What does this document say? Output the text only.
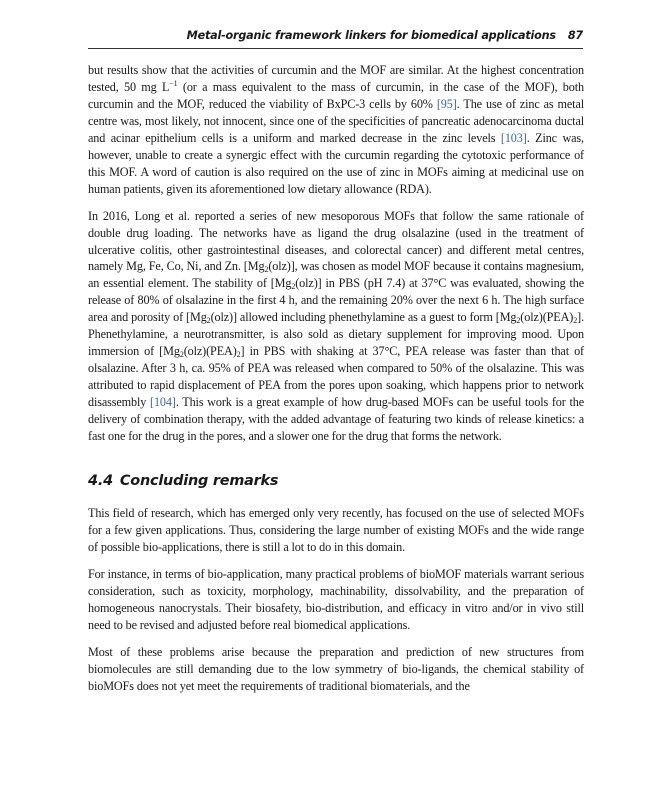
Metal-organic framework linkers for biomedical applications 87

but results show that the activities of curcumin and the MOF are similar. At the highest concentration tested, 50 mg $L^{-1}$ (or a mass equivalent to the mass of curcumin, in the case of the MOF), both curcumin and the MOF, reduced the viability of BxPC-3 cells by 60% [95]. The use of zinc as metal centre was, most likely, not innocent, since one of the specificities of pancreatic adenocarcinoma ductal and acinar epithelium cells is a uniform and marked decrease in the zinc levels [103]. Zinc was, however, unable to create a synergic effect with the curcumin regarding the cytotoxic performance of this MOF. A word of caution is also required on the use of zinc in MOFs aiming at medicinal use on human patients, given its aforementioned low dietary allowance (RDA).

In 2016, Long et al. reported a series of new mesoporous MOFs that follow the same rationale of double drug loading. The networks have as ligand the drug olsalazine (used in the treatment of ulcerative colitis, other gastrointestinal diseases, and colorectal cancer) and different metal centres, namely Mg, Fe, Co, Ni, and Zn. $[Mg_2(olz)]$, was chosen as model MOF because it contains magnesium, an essential element. The stability of $[Mg_2(olz)]$ in PBS (pH 7.4) at 37°C was evaluated, showing the release of 80% of olsalazine in the first 4 h, and the remaining 20% over the next 6 h. The high surface area and porosity of $[Mg_2(olz)]$ allowed including phenethylamine as a guest to form $[Mg_2(olz)(PEA)_2]$. Phenethylamine, a neurotransmitter, is also sold as dietary supplement for improving mood. Upon immersion of $[Mg_2(olz)(PEA)_2]$ in PBS with shaking at 37°C, PEA release was faster than that of olsalazine. After 3 h, ca. 95% of PEA was released when compared to 50% of the olsalazine. This was attributed to rapid displacement of PEA from the pores upon soaking, which happens prior to network disassembly [104]. This work is a great example of how drug-based MOFs can be useful tools for the delivery of combination therapy, with the added advantage of featuring two kinds of release kinetics: a fast one for the drug in the pores, and a slower one for the drug that forms the network.

4.4 Concluding remarks

This field of research, which has emerged only very recently, has focused on the use of selected MOFs for a few given applications. Thus, considering the large number of existing MOFs and the wide range of possible bio-applications, there is still a lot to do in this domain.

For instance, in terms of bio-application, many practical problems of bioMOF materials warrant serious consideration, such as toxicity, morphology, machinability, dissolvability, and the preparation of homogeneous nanocrystals. Their biosafety, bio-distribution, and efficacy in vitro and/or in vivo still need to be revised and adjusted before real biomedical applications.

Most of these problems arise because the preparation and prediction of new structures from biomolecules are still demanding due to the low symmetry of bio-ligands, the chemical stability of bioMOFs does not yet meet the requirements of traditional biomaterials, and the
